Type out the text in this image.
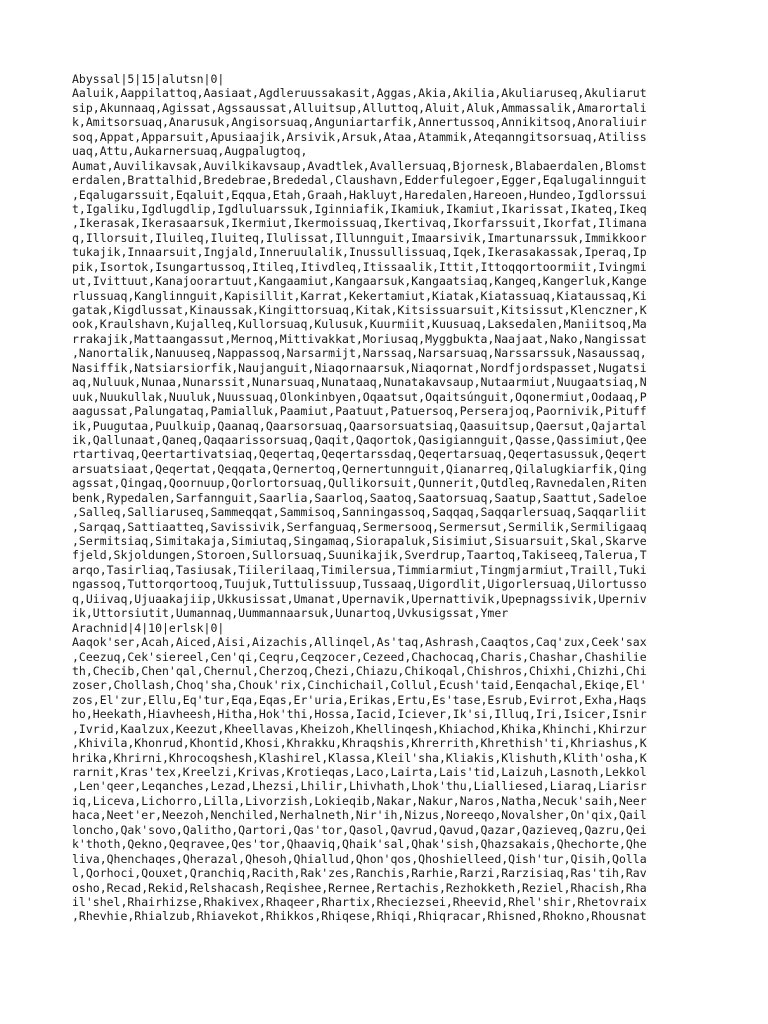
Abyssal|5|15|alutsn|0|
Aaluik,Aappilattoq,Aasiaat,Agdleruussakasit,Aggas,Akia,Akilia,Akuliaruseq,Akuliarut
sip,Akunnaaq,Agissat,Agssaussat,Alluitsup,Alluttoq,Aluit,Aluk,Ammassalik,Amarortali
k,Amitsorsuaq,Anarusuk,Angisorsuaq,Anguniartarfik,Annertussoq,Annikitsoq,Anoraliuir
soq,Appat,Apparsuit,Apusiaajik,Arsivik,Arsuk,Ataa,Atammik,Ateqanngitsorsuaq,Atiliss
uaq,Attu,Aukarnersuaq,Augpalugtoq,
Aumat,Auvilikavsak,Auvilkikavsaup,Avadtlek,Avallersuaq,Bjornesk,Blabaerdalen,Blomst
erdalen,Brattalhid,Bredebrae,Brededal,Claushavn,Edderfulegoer,Egger,Eqalugalinnguit
,Eqalugarssuit,Eqaluit,Eqqua,Etah,Graah,Hakluyt,Haredalen,Hareoen,Hundeo,Igdlorssui
t,Igaliku,Igdlugdlip,Igdluluarssuk,Iginniafik,Ikamiuk,Ikamiut,Ikarissat,Ikateq,Ikeq
,Ikerasak,Ikerasaarsuk,Ikermiut,Ikermoissuaq,Ikertivaq,Ikorfarssuit,Ikorfat,Ilimana
q,Illorsuit,Iluileq,Iluiteq,Ilulissat,Illunnguit,Imaarsivik,Imartunarssuk,Immikkoor
tukajik,Innaarsuit,Ingjald,Inneruulalik,Inussullissuaq,Iqek,Ikerasakassak,Iperaq,Ip
pik,Isortok,Isungartussoq,Itileq,Itivdleq,Itissaalik,Ittit,Ittoqqortoormiit,Ivingmi
ut,Ivittuut,Kanajoorartuut,Kangaamiut,Kangaarsuk,Kangaatsiaq,Kangeq,Kangerluk,Kange
rlussuaq,Kanglinnguit,Kapisillit,Karrat,Kekertamiut,Kiatak,Kiatassuaq,Kiataussaq,Ki
gatak,Kigdlussat,Kinaussak,Kingittorsuaq,Kitak,Kitsissuarsuit,Kitsissut,Klenczner,K
ook,Kraulshavn,Kujalleq,Kullorsuaq,Kulusuk,Kuurmiit,Kuusuaq,Laksedalen,Maniitsoq,Ma
rrakajik,Mattaangassut,Mernoq,Mittivakkat,Moriusaq,Myggbukta,Naajaat,Nako,Nangissat
,Nanortalik,Nanuuseq,Nappassoq,Narsarmijt,Narssaq,Narsarsuaq,Narssarssuk,Nasaussaq,
Nasiffik,Natsiarsiorfik,Naujanguit,Niaqornaarsuk,Niaqornat,Nordfjordspasset,Nugatsi
aq,Nuluuk,Nunaa,Nunarssit,Nunarsuaq,Nunataaq,Nunatakavsaup,Nutaarmiut,Nuugaatsiaq,N
uuk,Nuukullak,Nuuluk,Nuussuaq,Olonkinbyen,Oqaatsut,Oqaitsúnguit,Oqonermiut,Oodaaq,P
aagussat,Palungataq,Pamialluk,Paamiut,Paatuut,Patuersoq,Perserajoq,Paornivik,Pituff
ik,Puugutaa,Puulkuip,Qaanaq,Qaarsorsuaq,Qaarsorsuatsiaq,Qaasuitsup,Qaersut,Qajartal
ik,Qallunaat,Qaneq,Qaqaarissorsuaq,Qaqit,Qaqortok,Qasigiannguit,Qasse,Qassimiut,Qee
rtartivaq,Qeertartivatsiaq,Qeqertaq,Qeqertarssdaq,Qeqertarsuaq,Qeqertasussuk,Qeqert
arsuatsiaat,Qeqertat,Qeqqata,Qernertoq,Qernertunnguit,Qianarreq,Qilalugkiarfik,Qing
agssat,Qingaq,Qoornuup,Qorlortorsuaq,Qullikorsuit,Qunnerit,Qutdleq,Ravnedalen,Riten
benk,Rypedalen,Sarfannguit,Saarlia,Saarloq,Saatoq,Saatorsuaq,Saatup,Saattut,Sadeloe
,Salleq,Salliaruseq,Sammeqqat,Sammisoq,Sanningassoq,Saqqaq,Saqqarlersuaq,Saqqarliit
,Sarqaq,Sattiaatteq,Savissivik,Serfanguaq,Sermersooq,Sermersut,Sermilik,Sermiligaaq
,Sermitsiaq,Simitakaja,Simiutaq,Singamaq,Siorapaluk,Sisimiut,Sisuarsuit,Skal,Skarve
fjeld,Skjoldungen,Storoen,Sullorsuaq,Suunikajik,Sverdrup,Taartoq,Takiseeq,Talerua,T
arqo,Tasirliaq,Tasiusak,Tiilerilaaq,Timilersua,Timmiarmiut,Tingmjarmiut,Traill,Tuki
ngassoq,Tuttorqortooq,Tuujuk,Tuttulissuup,Tussaaq,Uigordlit,Uigorlersuaq,Uilortusso
q,Uiivaq,Ujuaakajiip,Ukkusissat,Umanat,Upernavik,Upernattivik,Upepnagssivik,Uperniv
ik,Uttorsiutit,Uumannaq,Uummannaarsuk,Uunartoq,Uvkusigssat,Ymer
Arachnid|4|10|erlsk|0|
Aaqok'ser,Acah,Aiced,Aisi,Aizachis,Allinqel,As'taq,Ashrash,Caaqtos,Caq'zux,Ceek'sax
,Ceezuq,Cek'siereel,Cen'qi,Ceqru,Ceqzocer,Cezeed,Chachocaq,Charis,Chashar,Chashilie
th,Checib,Chen'qal,Chernul,Cherzoq,Chezi,Chiazu,Chikoqal,Chishros,Chixhi,Chizhi,Chi
zoser,Chollash,Choq'sha,Chouk'rix,Cinchichail,Collul,Ecush'taid,Eenqachal,Ekiqe,El'
zos,El'zur,Ellu,Eq'tur,Eqa,Eqas,Er'uria,Erikas,Ertu,Es'tase,Esrub,Evirrot,Exha,Haqs
ho,Heekath,Hiavheesh,Hitha,Hok'thi,Hossa,Iacid,Iciever,Ik'si,Illuq,Iri,Isicer,Isnir
,Ivrid,Kaalzux,Keezut,Kheellavas,Kheizoh,Khellinqesh,Khiachod,Khika,Khinchi,Khirzur
,Khivila,Khonrud,Khontid,Khosi,Khrakku,Khraqshis,Khrerrith,Khrethish'ti,Khriashus,K
hrika,Khrirni,Khrocoqshesh,Klashirel,Klassa,Kleil'sha,Kliakis,Klishuth,Klith'osha,K
rarnit,Kras'tex,Kreelzi,Krivas,Krotieqas,Laco,Lairta,Lais'tid,Laizuh,Lasnoth,Lekkol
,Len'qeer,Leqanches,Lezad,Lhezsi,Lhilir,Lhivhath,Lhok'thu,Lialliesed,Liaraq,Liarisr
iq,Liceva,Lichorro,Lilla,Livorzish,Lokieqib,Nakar,Nakur,Naros,Natha,Necuk'saih,Neer
haca,Neet'er,Neezoh,Nenchiled,Nerhalneth,Nir'ih,Nizus,Noreeqo,Novalsher,On'qix,Qail
loncho,Qak'sovo,Qalitho,Qartori,Qas'tor,Qasol,Qavrud,Qavud,Qazar,Qazieveq,Qazru,Qei
k'thoth,Qekno,Qeqravee,Qes'tor,Qhaaviq,Qhaik'sal,Qhak'sish,Qhazsakais,Qhechorte,Qhe
liva,Qhenchaqes,Qherazal,Qhesoh,Qhiallud,Qhon'qos,Qhoshielleed,Qish'tur,Qisih,Qolla
l,Qorhoci,Qouxet,Qranchiq,Racith,Rak'zes,Ranchis,Rarhie,Rarzi,Rarzisiaq,Ras'tih,Rav
osho,Recad,Rekid,Relshacash,Reqishee,Rernee,Rertachis,Rezhokketh,Reziel,Rhacish,Rha
il'shel,Rhairhizse,Rhakivex,Rhaqeer,Rhartix,Rheciezsei,Rheevid,Rhel'shir,Rhetovraix
,Rhevhie,Rhialzub,Rhiavekot,Rhikkos,Rhiqese,Rhiqi,Rhiqracar,Rhisned,Rhokno,Rhousnat
